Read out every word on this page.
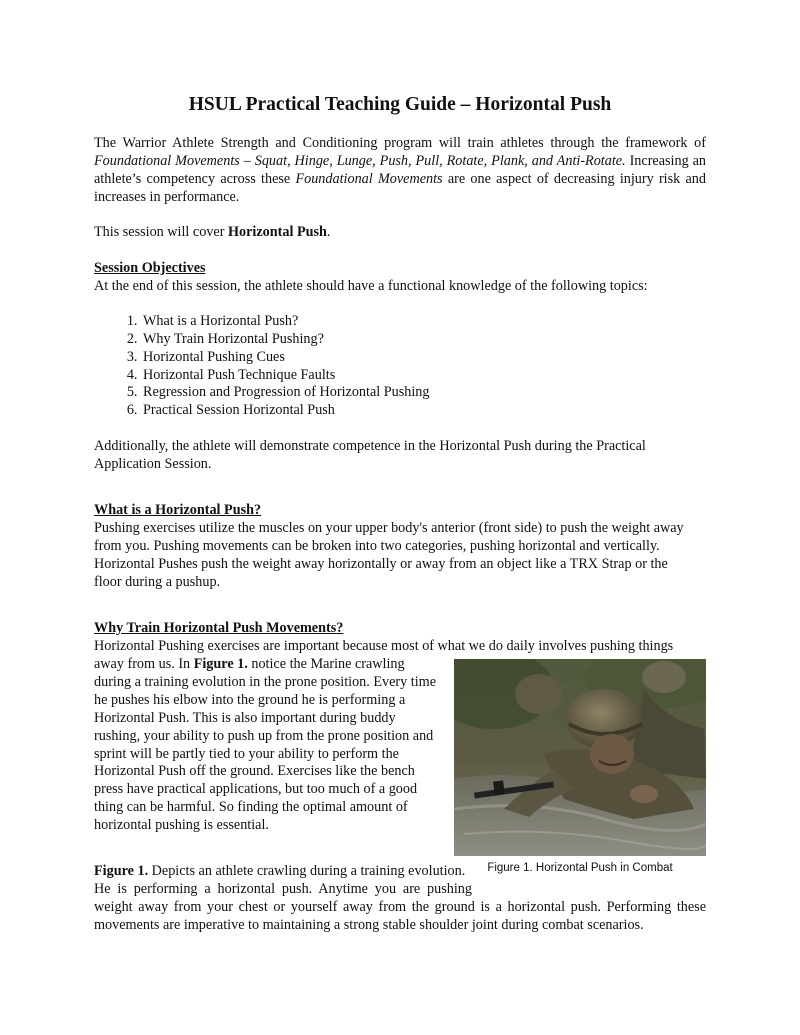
HSUL Practical Teaching Guide – Horizontal Push
The Warrior Athlete Strength and Conditioning program will train athletes through the framework of Foundational Movements – Squat, Hinge, Lunge, Push, Pull, Rotate, Plank, and Anti-Rotate. Increasing an athlete’s competency across these Foundational Movements are one aspect of decreasing injury risk and increases in performance.
This session will cover Horizontal Push.
Session Objectives
At the end of this session, the athlete should have a functional knowledge of the following topics:
1. What is a Horizontal Push?
2. Why Train Horizontal Pushing?
3. Horizontal Pushing Cues
4. Horizontal Push Technique Faults
5. Regression and Progression of Horizontal Pushing
6. Practical Session Horizontal Push
Additionally, the athlete will demonstrate competence in the Horizontal Push during the Practical Application Session.
What is a Horizontal Push?
Pushing exercises utilize the muscles on your upper body's anterior (front side) to push the weight away from you. Pushing movements can be broken into two categories, pushing horizontal and vertically. Horizontal Pushes push the weight away horizontally or away from an object like a TRX Strap or the floor during a pushup.
Why Train Horizontal Push Movements?
Horizontal Pushing exercises are important because most of what we do daily involves pushing things
away from us. In Figure 1. notice the Marine crawling during a training evolution in the prone position. Every time he pushes his elbow into the ground he is performing a Horizontal Push. This is also important during buddy rushing, your ability to push up from the prone position and sprint will be partly tied to your ability to perform the Horizontal Push off the ground. Exercises like the bench press have practical applications, but too much of a good thing can be harmful. So finding the optimal amount of horizontal pushing is essential.
Figure 1. Horizontal Push in Combat
Figure 1. Depicts an athlete crawling during a training evolution.
He is performing a horizontal push. Anytime you are pushing
weight away from your chest or yourself away from the ground is a horizontal push. Performing these movements are imperative to maintaining a strong stable shoulder joint during combat scenarios.
